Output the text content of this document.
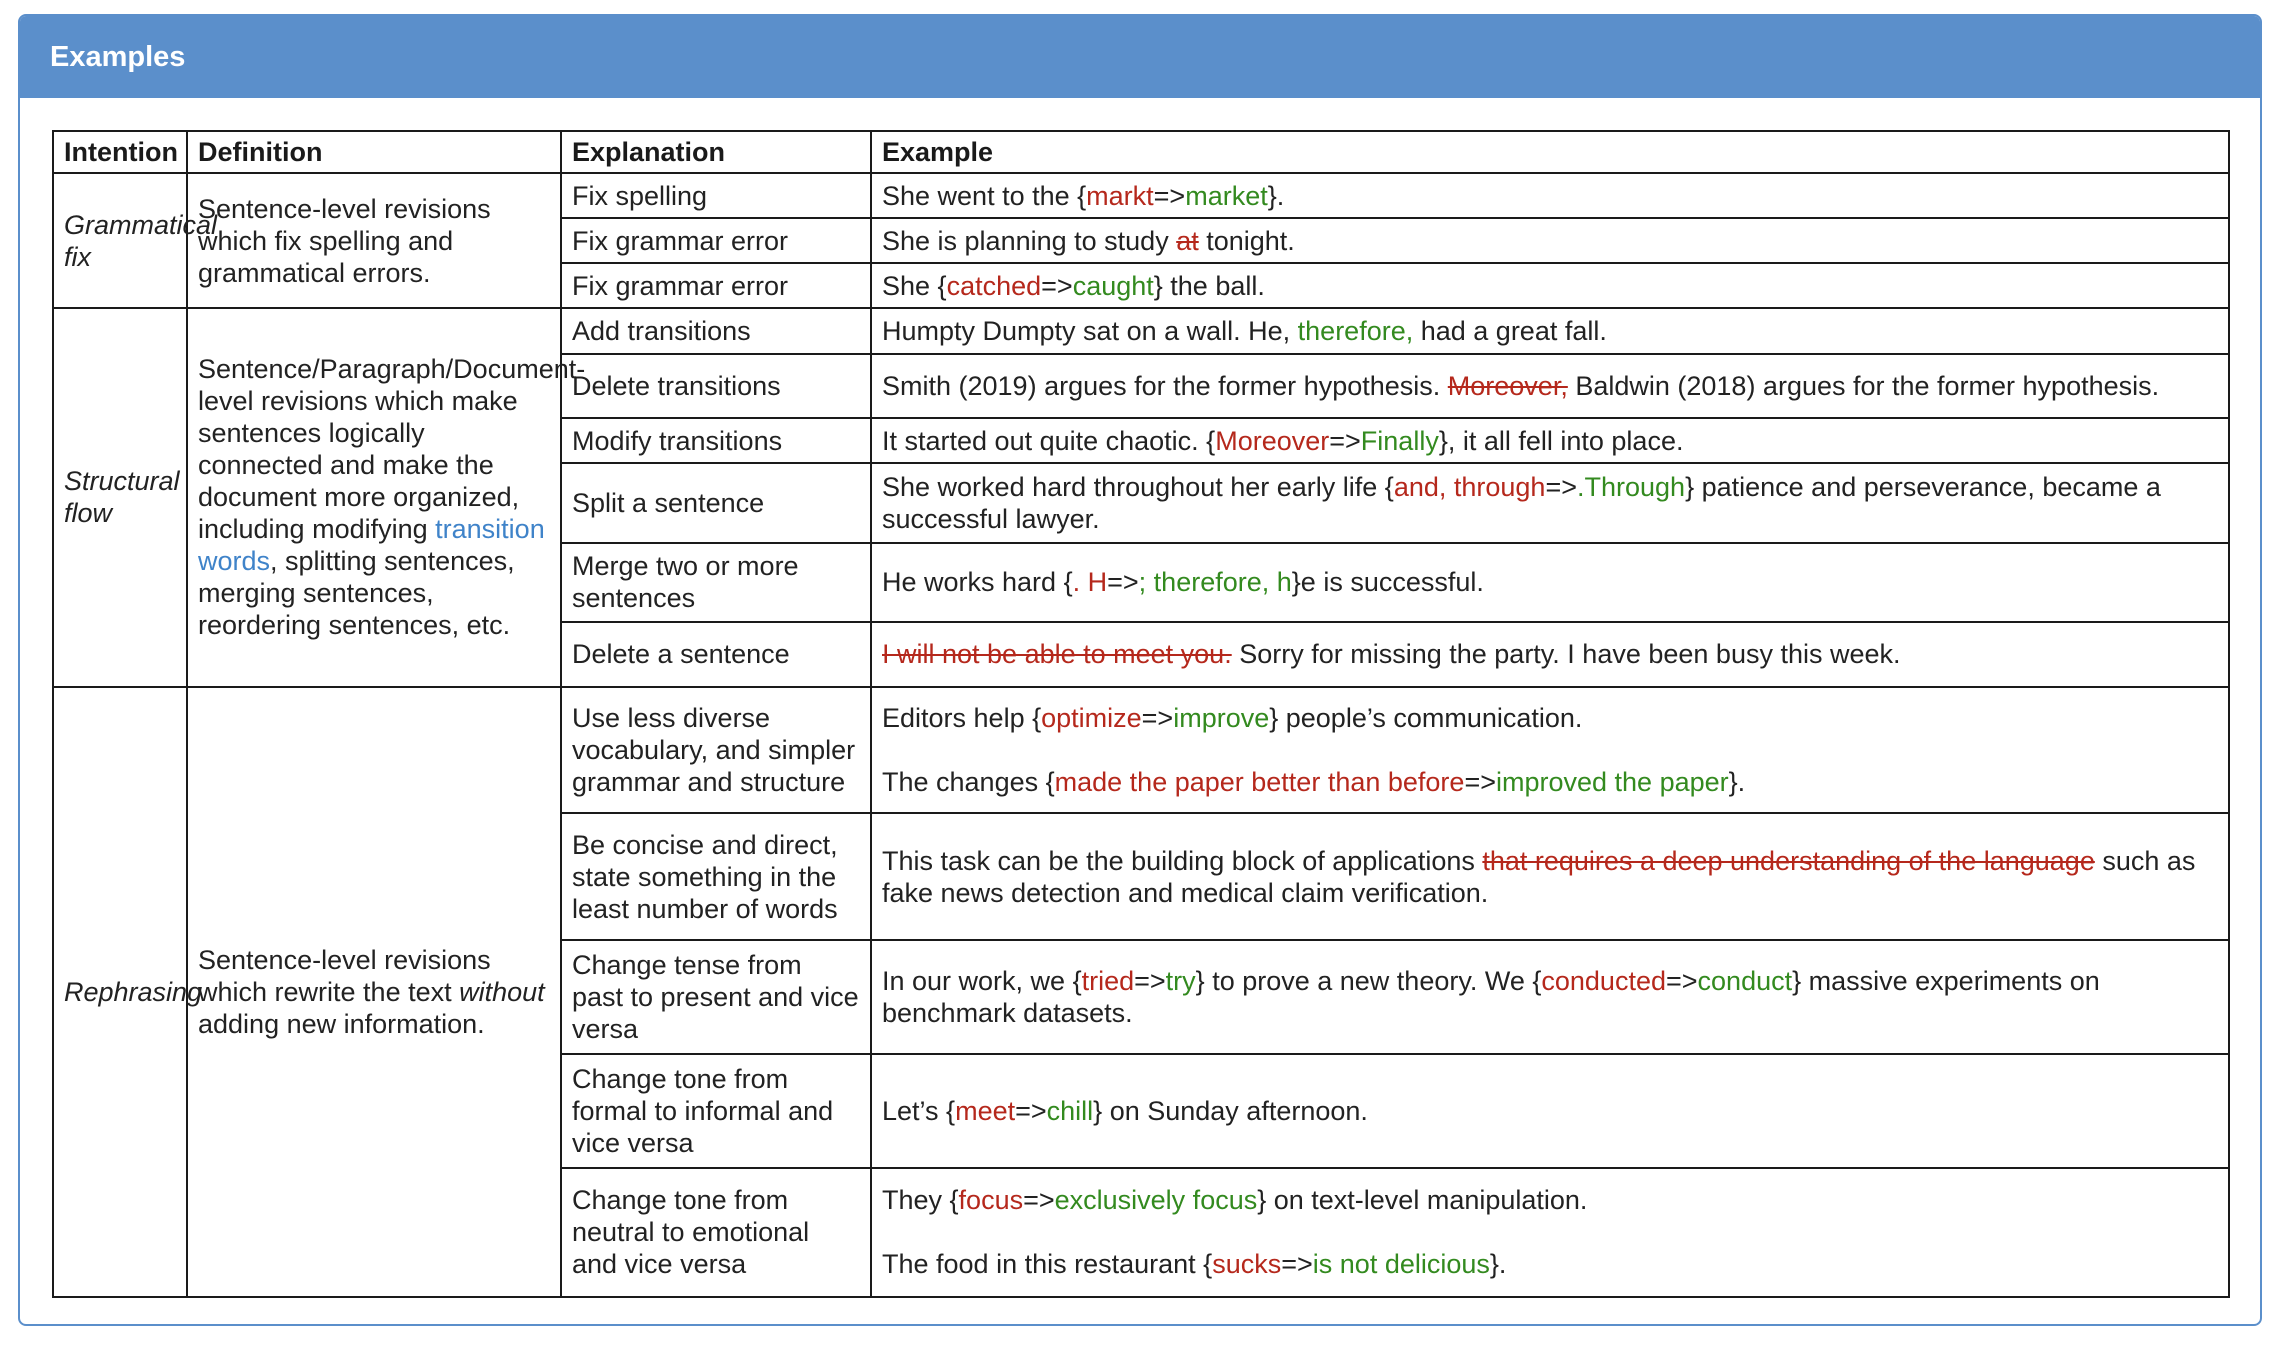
Examples
Intention	Definition	Explanation	Example
Grammatical fix	Sentence-level revisions which fix spelling and grammatical errors.	Fix spelling	She went to the {markt=>market}.
		Fix grammar error	She is planning to study at tonight.
		Fix grammar error	She {catched=>caught} the ball.
Structural flow	Sentence/Paragraph/Document-level revisions which make sentences logically connected and make the document more organized, including modifying transition words, splitting sentences, merging sentences, reordering sentences, etc.	Add transitions	Humpty Dumpty sat on a wall. He, therefore, had a great fall.
		Delete transitions	Smith (2019) argues for the former hypothesis. Moreover, Baldwin (2018) argues for the former hypothesis.
		Modify transitions	It started out quite chaotic. {Moreover=>Finally}, it all fell into place.
		Split a sentence	She worked hard throughout her early life {and, through=>.Through} patience and perseverance, became a successful lawyer.
		Merge two or more sentences	He works hard {. H=>; therefore, h}e is successful.
		Delete a sentence	I will not be able to meet you. Sorry for missing the party. I have been busy this week.
Rephrasing	Sentence-level revisions which rewrite the text without adding new information.	Use less diverse vocabulary, and simpler grammar and structure	Editors help {optimize=>improve} people’s communication.

The changes {made the paper better than before=>improved the paper}.
		Be concise and direct, state something in the least number of words	This task can be the building block of applications that requires a deep understanding of the language such as fake news detection and medical claim verification.
		Change tense from past to present and vice versa	In our work, we {tried=>try} to prove a new theory. We {conducted=>conduct} massive experiments on benchmark datasets.
		Change tone from formal to informal and vice versa	Let’s {meet=>chill} on Sunday afternoon.
		Change tone from neutral to emotional and vice versa	They {focus=>exclusively focus} on text-level manipulation.

The food in this restaurant {sucks=>is not delicious}.
